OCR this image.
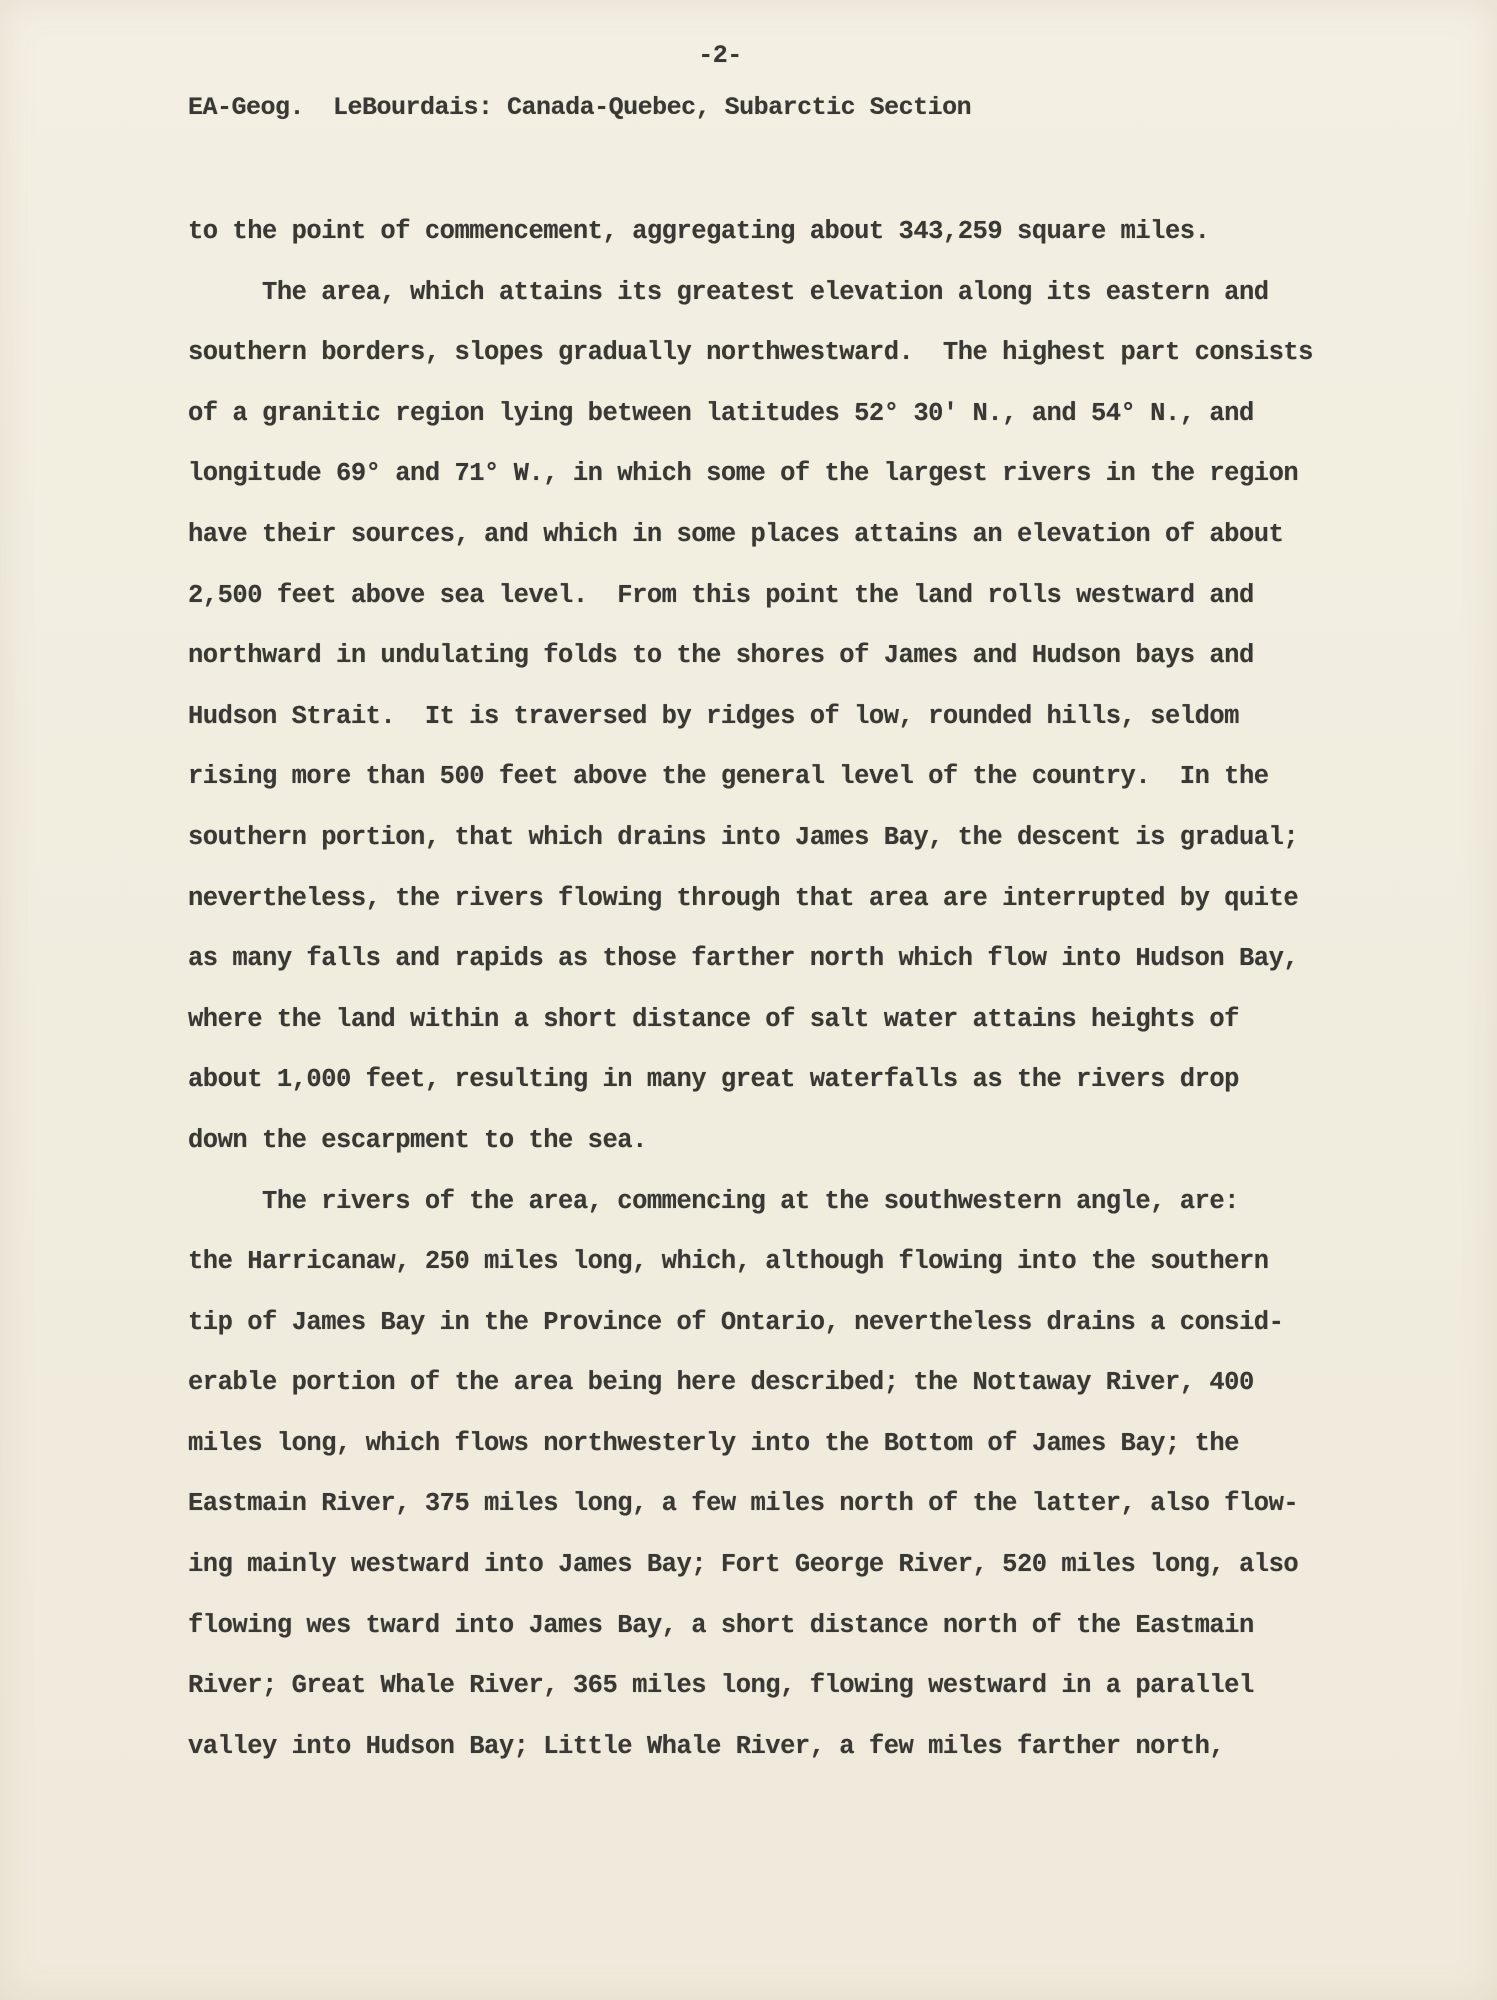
-2-
EA-Geog.  LeBourdais: Canada-Quebec, Subarctic Section
to the point of commencement, aggregating about 343,259 square miles.
The area, which attains its greatest elevation along its eastern and
southern borders, slopes gradually northwestward.  The highest part consists
of a granitic region lying between latitudes 52° 30' N., and 54° N., and
longitude 69° and 71° W., in which some of the largest rivers in the region
have their sources, and which in some places attains an elevation of about
2,500 feet above sea level.  From this point the land rolls westward and
northward in undulating folds to the shores of James and Hudson bays and
Hudson Strait.  It is traversed by ridges of low, rounded hills, seldom
rising more than 500 feet above the general level of the country.  In the
southern portion, that which drains into James Bay, the descent is gradual;
nevertheless, the rivers flowing through that area are interrupted by quite
as many falls and rapids as those farther north which flow into Hudson Bay,
where the land within a short distance of salt water attains heights of
about 1,000 feet, resulting in many great waterfalls as the rivers drop
down the escarpment to the sea.
The rivers of the area, commencing at the southwestern angle, are:
the Harricanaw, 250 miles long, which, although flowing into the southern
tip of James Bay in the Province of Ontario, nevertheless drains a consid-
erable portion of the area being here described; the Nottaway River, 400
miles long, which flows northwesterly into the Bottom of James Bay; the
Eastmain River, 375 miles long, a few miles north of the latter, also flow-
ing mainly westward into James Bay; Fort George River, 520 miles long, also
flowing wes tward into James Bay, a short distance north of the Eastmain
River; Great Whale River, 365 miles long, flowing westward in a parallel
valley into Hudson Bay; Little Whale River, a few miles farther north,
